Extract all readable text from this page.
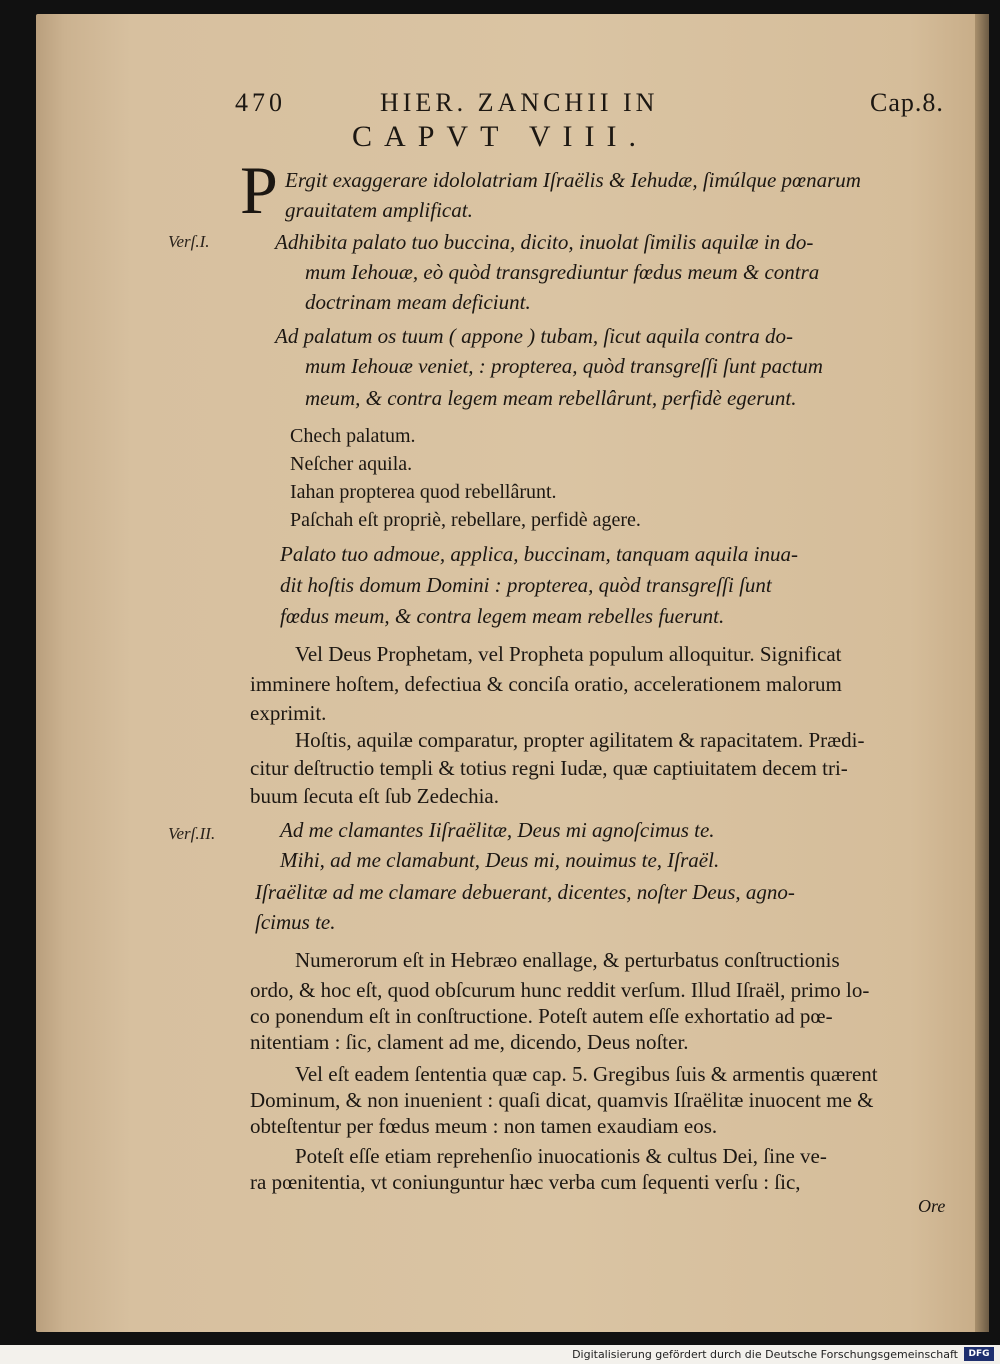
470	HIER. ZANCHII IN	Cap.8.
CAPVT VIII.
P
Verſ.I.
Verſ.II.
Ergit exaggerare idololatriam Iſraëlis & Iehudæ, ſimúlque pœnarum
grauitatem amplificat.
Adhibita palato tuo buccina, dicito, inuolat ſimilis aquilæ in do-
mum Iehouæ, eò quòd transgrediuntur fœdus meum & contra
doctrinam meam deficiunt.
Ad palatum os tuum ( appone ) tubam, ſicut aquila contra do-
mum Iehouæ veniet, : propterea, quòd transgreſſi ſunt pactum
meum, & contra legem meam rebellârunt, perfidè egerunt.
Chech palatum.
Neſcher aquila.
Iahan propterea quod rebellârunt.
Paſchah eſt propriè, rebellare, perfidè agere.
Palato tuo admoue, applica, buccinam, tanquam aquila inua-
dit hoſtis domum Domini : propterea, quòd transgreſſi ſunt
fœdus meum, & contra legem meam rebelles fuerunt.
Vel Deus Prophetam, vel Propheta populum alloquitur. Significat
imminere hoſtem, defectiua & conciſa oratio, accelerationem malorum
exprimit.
Hoſtis, aquilæ comparatur, propter agilitatem & rapacitatem. Prædi-
citur deſtructio templi & totius regni Iudæ, quæ captiuitatem decem tri-
buum ſecuta eſt ſub Zedechia.
Ad me clamantes Iiſraëlitæ, Deus mi agnoſcimus te.
Mihi, ad me clamabunt, Deus mi, nouimus te, Iſraël.
Iſraëlitæ ad me clamare debuerant, dicentes, noſter Deus, agno-
ſcimus te.
Numerorum eſt in Hebræo enallage, & perturbatus conſtructionis
ordo, & hoc eſt, quod obſcurum hunc reddit verſum. Illud Iſraël, primo lo-
co ponendum eſt in conſtructione. Poteſt autem eſſe exhortatio ad pœ-
nitentiam : ſic, clament ad me, dicendo, Deus noſter.
Vel eſt eadem ſententia quæ cap. 5. Gregibus ſuis & armentis quærent
Dominum, & non inuenient : quaſi dicat, quamvis Iſraëlitæ inuocent me &
obteſtentur per fœdus meum : non tamen exaudiam eos.
Poteſt eſſe etiam reprehenſio inuocationis & cultus Dei, ſine ve-
ra pœnitentia, vt coniunguntur hæc verba cum ſequenti verſu : ſic,
Ore
Digitalisierung gefördert durch die Deutsche Forschungsgemeinschaft	DFG
